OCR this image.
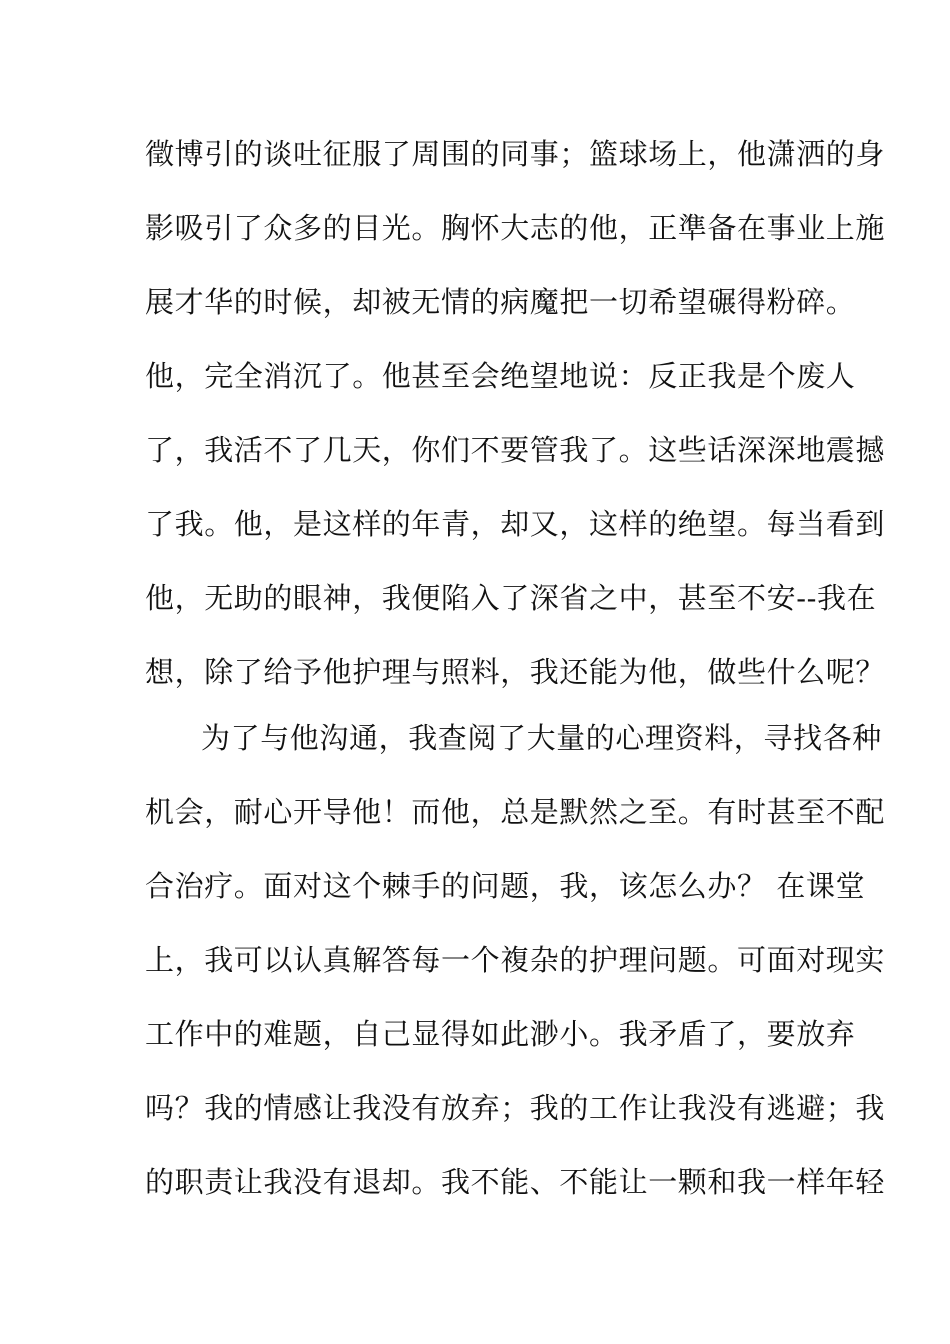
徵博引的谈吐征服了周围的同事；篮球场上，他潇洒的身
影吸引了众多的目光。胸怀大志的他，正準备在事业上施
展才华的时候，却被无情的病魔把一切希望碾得粉碎。
他，完全消沉了。他甚至会绝望地说：反正我是个废人
了，我活不了几天，你们不要管我了。这些话深深地震撼
了我。他，是这样的年青，却又，这样的绝望。每当看到
他，无助的眼神，我便陷入了深省之中，甚至不安--我在
想，除了给予他护理与照料，我还能为他，做些什么呢？
为了与他沟通，我查阅了大量的心理资料，寻找各种
机会，耐心开导他！而他，总是默然之至。有时甚至不配
合治疗。面对这个棘手的问题，我，该怎么办？ 在课堂
上，我可以认真解答每一个複杂的护理问题。可面对现实
工作中的难题，自己显得如此渺小。我矛盾了，要放弃
吗？我的情感让我没有放弃；我的工作让我没有逃避；我
的职责让我没有退却。我不能、不能让一颗和我一样年轻
